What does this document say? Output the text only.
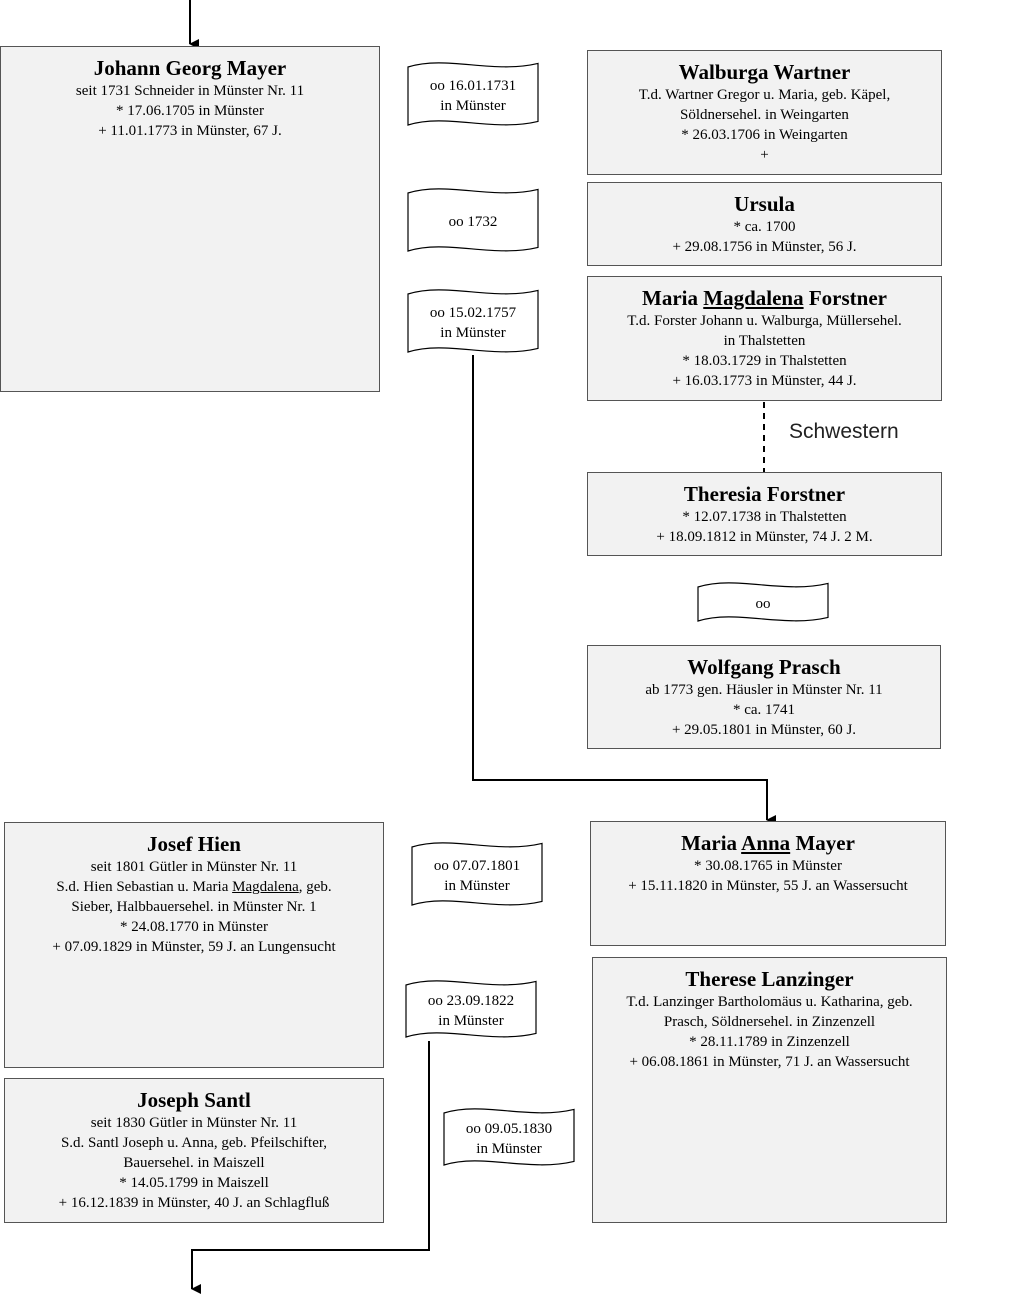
Johann Georg Mayer
seit 1731 Schneider in Münster Nr. 11
* 17.06.1705 in Münster
+ 11.01.1773 in Münster, 67 J.
Walburga Wartner
T.d. Wartner Gregor u. Maria, geb. Käpel,
Söldnersehel. in Weingarten
* 26.03.1706 in Weingarten
+
Ursula
* ca. 1700
+ 29.08.1756 in Münster, 56 J.
Maria Magdalena Forstner
T.d. Forster Johann u. Walburga, Müllersehel.
in Thalstetten
* 18.03.1729 in Thalstetten
+ 16.03.1773 in Münster, 44 J.
Theresia Forstner
* 12.07.1738 in Thalstetten
+ 18.09.1812 in Münster, 74 J. 2 M.
Wolfgang Prasch
ab 1773 gen. Häusler in Münster Nr. 11
* ca. 1741
+ 29.05.1801 in Münster, 60 J.
Josef Hien
seit 1801 Gütler in Münster Nr. 11
S.d. Hien Sebastian u. Maria Magdalena, geb.
Sieber, Halbbauersehel. in Münster Nr. 1
* 24.08.1770 in Münster
+ 07.09.1829 in Münster, 59 J. an Lungensucht
Maria Anna Mayer
* 30.08.1765 in Münster
+ 15.11.1820 in Münster, 55 J. an Wassersucht
Therese Lanzinger
T.d. Lanzinger Bartholomäus u. Katharina, geb.
Prasch, Söldnersehel. in Zinzenzell
* 28.11.1789 in Zinzenzell
+ 06.08.1861 in Münster, 71 J. an Wassersucht
Joseph Santl
seit 1830 Gütler in Münster Nr. 11
S.d. Santl Joseph u. Anna, geb. Pfeilschifter,
Bauersehel. in Maiszell
* 14.05.1799 in Maiszell
+ 16.12.1839 in Münster, 40 J. an Schlagfluß
oo 16.01.1731
in Münster
oo 1732
oo 15.02.1757
in Münster
oo
oo 07.07.1801
in Münster
oo 23.09.1822
in Münster
oo 09.05.1830
in Münster
Schwestern
